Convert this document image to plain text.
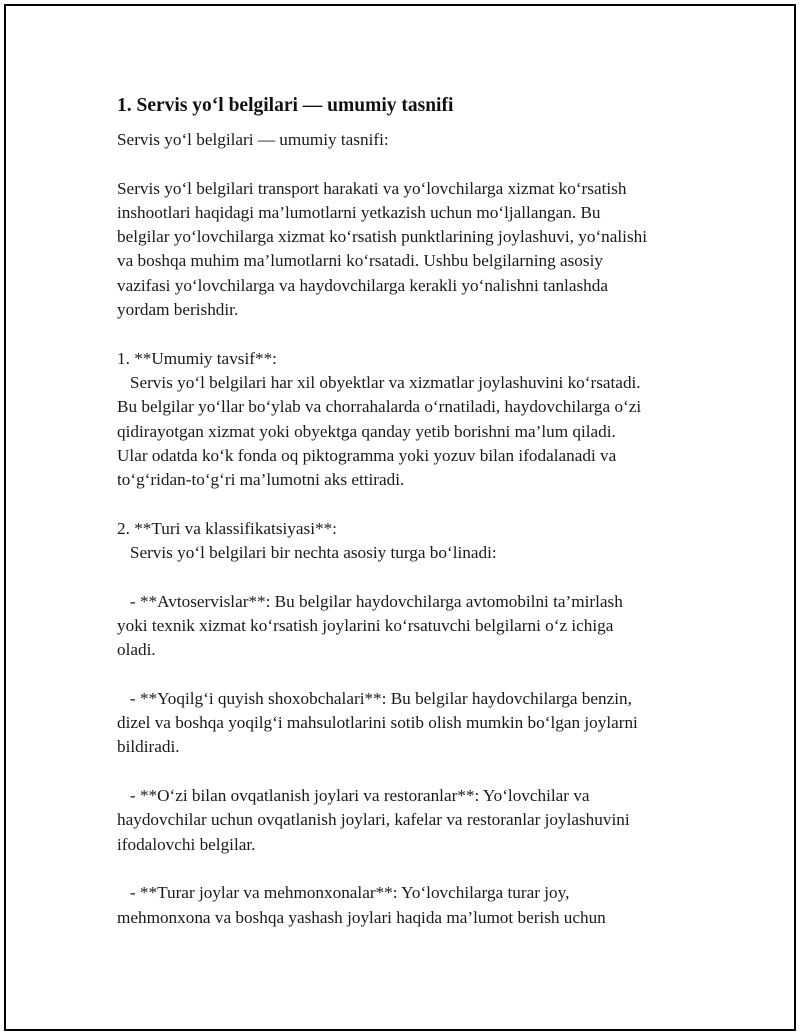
1. Servis yo‘l belgilari — umumiy tasnifi

Servis yo‘l belgilari — umumiy tasnifi:

Servis yo‘l belgilari transport harakati va yo‘lovchilarga xizmat ko‘rsatish

inshootlari haqidagi ma’lumotlarni yetkazish uchun mo‘ljallangan. Bu

belgilar yo‘lovchilarga xizmat ko‘rsatish punktlarining joylashuvi, yo‘nalishi

va boshqa muhim ma’lumotlarni ko‘rsatadi. Ushbu belgilarning asosiy

vazifasi yo‘lovchilarga va haydovchilarga kerakli yo‘nalishni tanlashda

yordam berishdir.

1. **Umumiy tavsif**:

Servis yo‘l belgilari har xil obyektlar va xizmatlar joylashuvini ko‘rsatadi.

Bu belgilar yo‘llar bo‘ylab va chorrahalarda o‘rnatiladi, haydovchilarga o‘zi

qidirayotgan xizmat yoki obyektga qanday yetib borishni ma’lum qiladi.

Ular odatda ko‘k fonda oq piktogramma yoki yozuv bilan ifodalanadi va

to‘g‘ridan-to‘g‘ri ma’lumotni aks ettiradi.

2. **Turi va klassifikatsiyasi**:

Servis yo‘l belgilari bir nechta asosiy turga bo‘linadi:

- **Avtoservislar**: Bu belgilar haydovchilarga avtomobilni ta’mirlash

yoki texnik xizmat ko‘rsatish joylarini ko‘rsatuvchi belgilarni o‘z ichiga

oladi.

- **Yoqilg‘i quyish shoxobchalari**: Bu belgilar haydovchilarga benzin,

dizel va boshqa yoqilg‘i mahsulotlarini sotib olish mumkin bo‘lgan joylarni

bildiradi.

- **O‘zi bilan ovqatlanish joylari va restoranlar**: Yo‘lovchilar va

haydovchilar uchun ovqatlanish joylari, kafelar va restoranlar joylashuvini

ifodalovchi belgilar.

- **Turar joylar va mehmonxonalar**: Yo‘lovchilarga turar joy,

mehmonxona va boshqa yashash joylari haqida ma’lumot berish uchun
